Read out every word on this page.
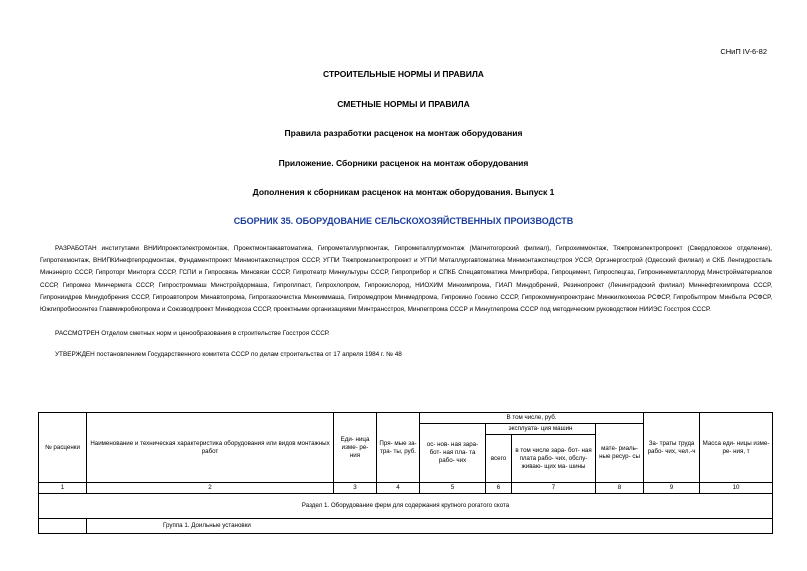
СНиП IV-6-82
СТРОИТЕЛЬНЫЕ НОРМЫ И ПРАВИЛА
СМЕТНЫЕ НОРМЫ И ПРАВИЛА
Правила разработки расценок на монтаж оборудования
Приложение. Сборники расценок на монтаж оборудования
Дополнения к сборникам расценок на монтаж оборудования. Выпуск 1
СБОРНИК 35. ОБОРУДОВАНИЕ СЕЛЬСКОХОЗЯЙСТВЕННЫХ ПРОИЗВОДСТВ
РАЗРАБОТАН институтами ВНИИпроектэлектромонтаж, Проектмонтажавтоматика, Гипрометаллургмонтаж, Гипрометаллургмонтаж (Магнитогорский филиал), Гипрохиммонтаж, Тяжпромэлектропроект (Свердловское отделение), Гипротехмонтаж, ВНИПКИнефтепродмонтаж, Фундаментпроект Минмонтажспецстроя СССР, УГПИ Тяжпромэлектропроект и УГПИ Металлургавтоматика Минмонтажспецстроя УССР, Оргэнергострой (Одесский филиал) и СКБ Ленгидросталь Минэнерго СССР, Гипроторг Минторга СССР, ГСПИ и Гипросвязь Минсвязи СССР, Гипротеатр Минкультуры СССР, Гипроприбор и СПКБ Спецавтоматика Минприбора, Гипроцемент, Гипроспецгаз, Гипронинеметаллоруд Минстройматериалов СССР, Гипромез Минчермета СССР, Гипростроммаш Минстройдормаша, Гипроплпаст, Гипрохлопром, Гипрокислород, НИОХИМ Минхимпрома, ГИАП Миндобрений, Резинопроект (Ленинградский филиал) Миннефтехимпрома СССР, Гипрониидрев Минудобрения СССР, Гипроавтопром Минавтопрома, Гипрогазоочистка Минхиммаша, Гипромедпром Минмедпрома, Гипрокино Госкино СССР, Гипрокоммунпроектранс Минжилкомхоза РСФСР, Гипробытпром Минбыта РСФСР, Южгипробиосинтез Главмикробиопрома и Союзводпроект Минводхоза СССР, проектными организациями Минтрансстроя, Минпегпрома СССР и Минуглепрома СССР под методическим руководством НИИЭС Госстроя СССР.
РАССМОТРЕН Отделом сметных норм и ценообразования в строительстве Госстроя СССР.
УТВЕРЖДЕН постановлением Государственного комитета СССР по делам строительства от 17 апреля 1984 г. № 48
№ расценки	Наименование и техническая характеристика оборудования или видов монтажных работ	Еди- ница изме- ре- ния	Пря- мые за- тра- ты, руб.	В том числе, руб.				За- траты труда рабо- чих, чел.-ч	Масса еди- ницы изме- ре- ния, т
				ос- нов- ная зара- бот- ная пла- та рабо- чих	эксплуата- ция машин		мате- риаль- ные ресур- сы		
					всего	в том числе зара- бот- ная плата рабо- чих, обслу- живаю- щих ма- шины			
1	2	3	4	5	6	7	8	9	10
Раздел 1. Оборудование ферм для содержания крупного рогатого скота									
	Группа 1. Доильные установки								
